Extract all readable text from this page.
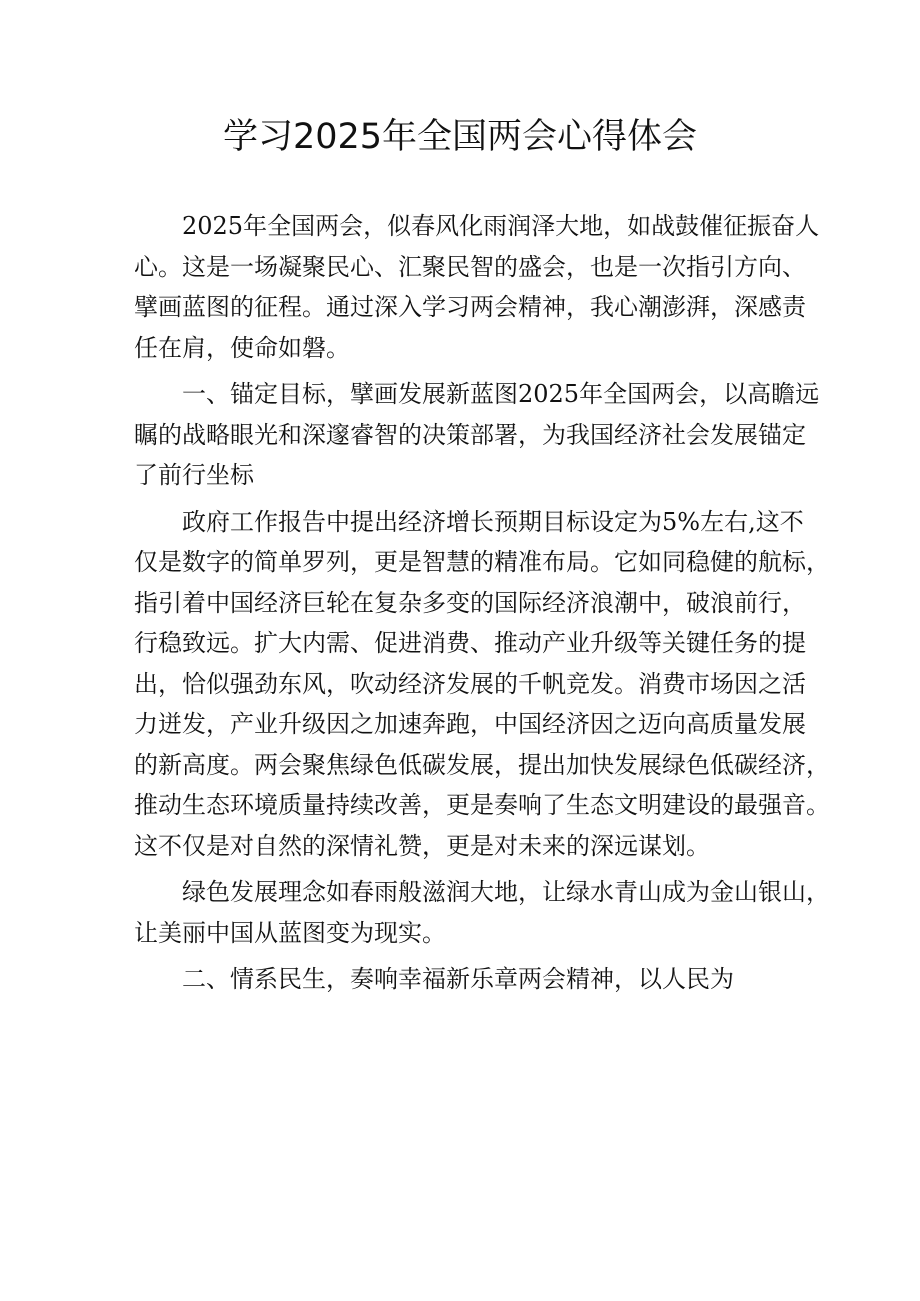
学习2025年全国两会心得体会

2025年全国两会，似春风化雨润泽大地，如战鼓催征振奋人
心。这是一场凝聚民心、汇聚民智的盛会，也是一次指引方向、
擘画蓝图的征程。通过深入学习两会精神，我心潮澎湃，深感责
任在肩，使命如磐。

一、锚定目标，擘画发展新蓝图2025年全国两会，以高瞻远
瞩的战略眼光和深邃睿智的决策部署，为我国经济社会发展锚定
了前行坐标

政府工作报告中提出经济增长预期目标设定为5%左右,这不
仅是数字的简单罗列，更是智慧的精准布局。它如同稳健的航标，
指引着中国经济巨轮在复杂多变的国际经济浪潮中，破浪前行，
行稳致远。扩大内需、促进消费、推动产业升级等关键任务的提
出，恰似强劲东风，吹动经济发展的千帆竞发。消费市场因之活
力迸发，产业升级因之加速奔跑，中国经济因之迈向高质量发展
的新高度。两会聚焦绿色低碳发展，提出加快发展绿色低碳经济，
推动生态环境质量持续改善，更是奏响了生态文明建设的最强音。
这不仅是对自然的深情礼赞，更是对未来的深远谋划。

绿色发展理念如春雨般滋润大地，让绿水青山成为金山银山，
让美丽中国从蓝图变为现实。

二、情系民生，奏响幸福新乐章两会精神，以人民为
